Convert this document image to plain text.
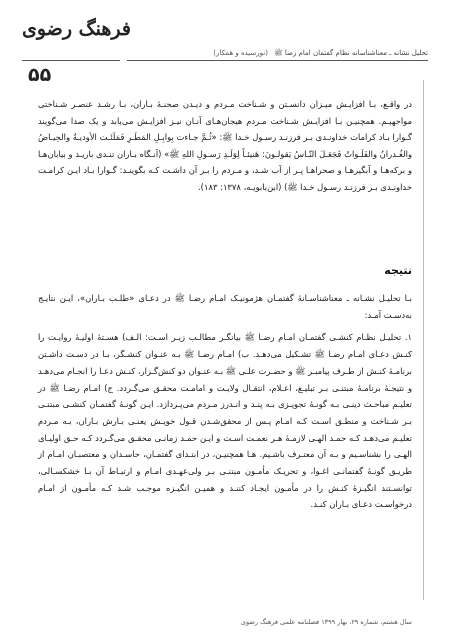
فرهنگ رضوی
۵۵
تحلیل نشانه ـ معناشناسانه نظام گفتمان امام رضا ﷺ (نورسیده و همکار)

در واقـع، بـا افزایـش میـزان دانسـتن و شـناخت مـردم و دیـدن صحنـۀ بـاران، بـا رشـد عنصـر شـناختی مواجهیـم. همچنیـن بـا افزایـش شـناخت مـردم هیجان‌هـای آنـان نیـز افزایـش می‌یابد و یک صدا می‌گویند گـوارا بـاد کرامات خداونـدی بـر فرزنـد رسـول خـدا ﷺ: «ثُـمَّ جـاءت بِوابِـلِ المَطَـرِ فَمَلَئَـت الأودیـةُ والحِیـاضُ والغُـدرانُ والفَلَـواتُ فَجَعَـلَ النّـاسُ یَقولـونَ: هَنیئـاً لِوَلَـدِ رَسـولِ اللهِ ﷺ» (آنـگاه بـاران تنـدی باریـد و بیابان‌هـا و برکه‌هـا و آبگیرهـا و صحراهـا پـر از آب شـد، و مـردم را بـر آن داشـت کـه بگوینـد: گـوارا بـاد ایـن کرامـت خداونـدی بـر فرزنـد رسـول خـدا ﷺ) (ابن‌بابویـه، ۱۳۷۸: ۱۸۳).

نتیجه

بـا تحلیـل نشـانه ـ معناشناسـانۀ گفتمـان هژمونیـک امـام رضـا ﷺ در دعـای «طلـب بـاران»، ایـن نتایـج به‌دسـت آمـد:

۱. تحلیـل نظـام کنشـی گفتمـان امـام رضـا ﷺ بیانگـر مطالـب زیـر اسـت: الـف) هسـتۀ اولیـۀ روایـت را کنـش دعـای امـام رضـا ﷺ تشـکیل می‌دهـد. ب) امـام رضـا ﷺ بـه عنـوان کنشـگر، بـا در دسـت داشـتن برنامـۀ کنـش از طـرف پیامبـر ﷺ و حضـرت علـی ﷺ بـه عنـوان دو کنش‌گـزار، کنـش دعـا را انجـام می‌دهـد و نتیجـۀ برنامـۀ مبتنـی بـر تبلیـغ، اعـلام، انتقـال ولایـت و امامـت محقـق می‌گـردد. ج) امـام رضـا ﷺ در تعلیـم مباحـث دینـی بـه گونـۀ تجویـزی بـه پنـد و انـدرز مـردم می‌پـردازد. ایـن گونـۀ گفتمـان کنشـی مبتنـی بـر شـناخت و منطـق اسـت کـه امـام پـس از محقق‌شـدن قـول خویـش یعنـی بـارش بـاران، بـه مـردم تعلیـم می‌دهـد کـه حمـد الهـی لازمـۀ هـر نعمـت اسـت و ایـن حمـد زمانـی محقـق می‌گـردد کـه حـق اولیـای الهـی را بشناسـیم و بـه آن معتـرف باشـیم. هـا همچنیـن، در ابتـدای گفتمـان، حاسـدان و معتصبـان امـام از طریـق گونـۀ گفتمانـی اغـوا، و تحریـک مأمـون مبتنـی بـر ولی‌عهـدی امـام و ارتبـاط آن بـا خشکسـالی، توانسـتند انگیـزۀ کنـش را در مأمـون ایجـاد کننـد و همیـن انگیـزه موجـب شـد کـه مأمـون از امـام درخواسـت دعـای بـاران کنـد.

سال هشتم، شماره ۲۹، بهار ۱۳۹۹ فصلنامه علمی فرهنگ رضوی
